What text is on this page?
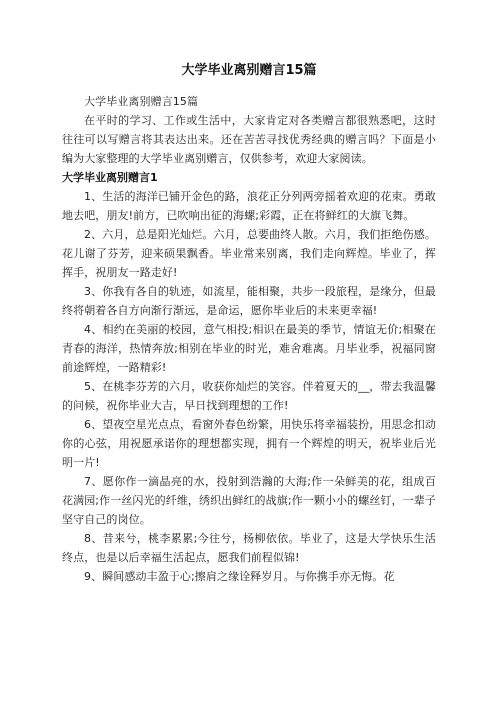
大学毕业离别赠言15篇

大学毕业离别赠言15篇

在平时的学习、工作或生活中，大家肯定对各类赠言都很熟悉吧，这时往往可以写赠言将其表达出来。还在苦苦寻找优秀经典的赠言吗？下面是小编为大家整理的大学毕业离别赠言，仅供参考，欢迎大家阅读。

大学毕业离别赠言1

1、生活的海洋已铺开金色的路，浪花正分列两旁摇着欢迎的花束。勇敢地去吧，朋友!前方，已吹响出征的海螺;彩霞，正在将鲜红的大旗飞舞。

2、六月，总是阳光灿烂。六月，总要曲终人散。六月，我们拒绝伤感。花儿谢了芬芳，迎来硕果飘香。毕业常来别离，我们走向辉煌。毕业了，挥挥手，祝朋友一路走好!

3、你我有各自的轨迹，如流星，能相聚，共步一段旅程，是缘分，但最终将朝着各自方向渐行渐远，是命运，愿你毕业后的未来更幸福!

4、相约在美丽的校园，意气相投;相识在最美的季节，情谊无价;相聚在青春的海洋，热情奔放;相别在毕业的时光，难舍难离。月毕业季，祝福同窗前途辉煌，一路精彩!

5、在桃李芬芳的六月，收获你灿烂的笑容。伴着夏天的__，带去我温馨的问候，祝你毕业大吉，早日找到理想的工作!

6、望夜空星光点点，看窗外春色纷繁，用快乐将幸福装扮，用思念扣动你的心弦，用祝愿承诺你的理想都实现，拥有一个辉煌的明天，祝毕业后光明一片!

7、愿你作一滴晶亮的水，投射到浩瀚的大海;作一朵鲜美的花，组成百花满园;作一丝闪光的纤维，绣织出鲜红的战旗;作一颗小小的螺丝钉，一辈子坚守自己的岗位。

8、昔来兮，桃李累累;今往兮，杨柳依依。毕业了，这是大学快乐生活终点，也是以后幸福生活起点，愿我们前程似锦!

9、瞬间感动丰盈于心;擦肩之缘诠释岁月。与你携手亦无悔。花
